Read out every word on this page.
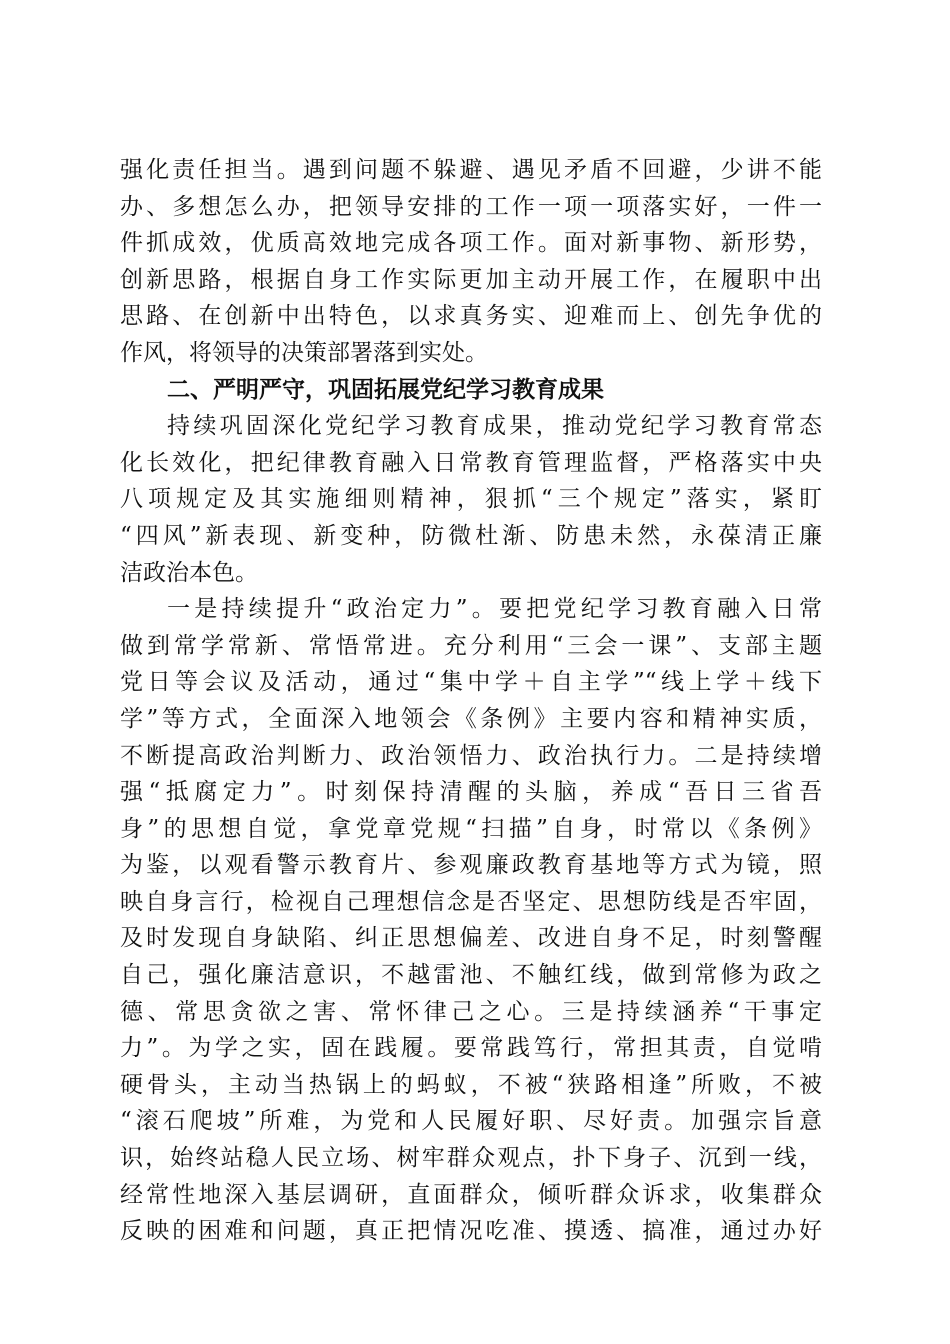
强化责任担当。遇到问题不躲避、遇见矛盾不回避，少讲不能
办、多想怎么办，把领导安排的工作一项一项落实好，一件一
件抓成效，优质高效地完成各项工作。面对新事物、新形势，
创新思路，根据自身工作实际更加主动开展工作，在履职中出
思路、在创新中出特色，以求真务实、迎难而上、创先争优的
作风，将领导的决策部署落到实处。
二、严明严守，巩固拓展党纪学习教育成果
持续巩固深化党纪学习教育成果，推动党纪学习教育常态
化长效化，把纪律教育融入日常教育管理监督，严格落实中央
八项规定及其实施细则精神，狠抓“三个规定”落实，紧盯
“四风”新表现、新变种，防微杜渐、防患未然，永葆清正廉
洁政治本色。
一是持续提升“政治定力”。要把党纪学习教育融入日常
做到常学常新、常悟常进。充分利用“三会一课”、支部主题
党日等会议及活动，通过“集中学＋自主学”“线上学＋线下
学”等方式，全面深入地领会《条例》主要内容和精神实质，
不断提高政治判断力、政治领悟力、政治执行力。二是持续增
强“抵腐定力”。时刻保持清醒的头脑，养成“吾日三省吾
身”的思想自觉，拿党章党规“扫描”自身，时常以《条例》
为鉴，以观看警示教育片、参观廉政教育基地等方式为镜，照
映自身言行，检视自己理想信念是否坚定、思想防线是否牢固，
及时发现自身缺陷、纠正思想偏差、改进自身不足，时刻警醒
自己，强化廉洁意识，不越雷池、不触红线，做到常修为政之
德、常思贪欲之害、常怀律己之心。三是持续涵养“干事定
力”。为学之实，固在践履。要常践笃行，常担其责，自觉啃
硬骨头，主动当热锅上的蚂蚁，不被“狭路相逢”所败，不被
“滚石爬坡”所难，为党和人民履好职、尽好责。加强宗旨意
识，始终站稳人民立场、树牢群众观点，扑下身子、沉到一线，
经常性地深入基层调研，直面群众，倾听群众诉求，收集群众
反映的困难和问题，真正把情况吃准、摸透、搞准，通过办好
